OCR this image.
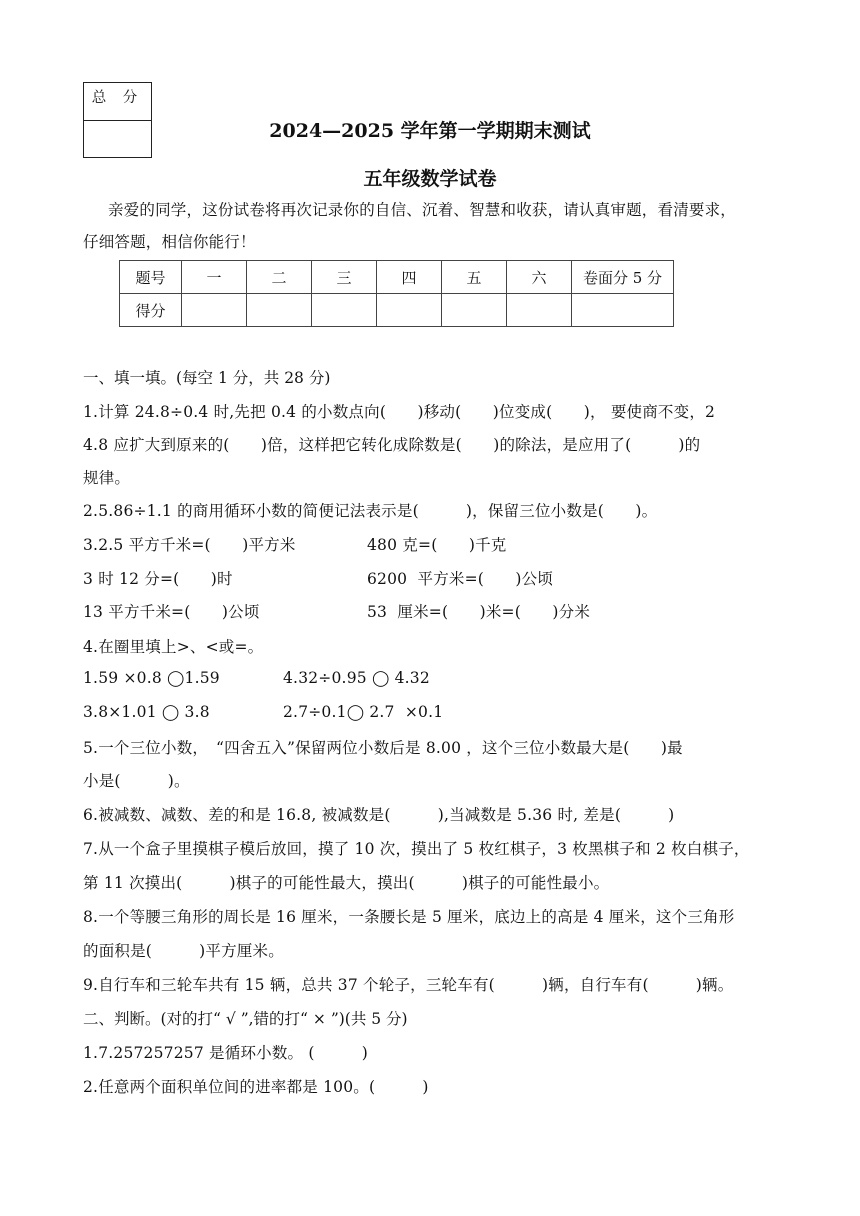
总 分
2024—2025 学年第一学期期末测试
五年级数学试卷
亲爱的同学，这份试卷将再次记录你的自信、沉着、智慧和收获，请认真审题，看清要求，
仔细答题，相信你能行！
题号	一	二	三	四	五	六	卷面分 5 分
得分							
一、填一填。(每空 1 分，共 28 分)
1.计算 24.8÷0.4 时,先把 0.4 的小数点向(　　)移动(　　)位变成(　　)， 要使商不变，2
4.8 应扩大到原来的(　　)倍，这样把它转化成除数是(　　)的除法，是应用了(　　　)的
规律。
2.5.86÷1.1 的商用循环小数的简便记法表示是(　　　)，保留三位小数是(　　)。
3.2.5 平方千米=(　　)平方米	480 克=(　　)千克
3 时 12 分=(　　)时	6200  平方米=(　　)公顷
13 平方千米=(　　)公顷	53  厘米=(　　)米=(　　)分米
4.在圈里填上>、<或=。
1.59 ×0.8 ◯1.59	4.32÷0.95 ◯ 4.32
3.8×1.01 ◯ 3.8	2.7÷0.1◯ 2.7  ×0.1
5.一个三位小数，　“四舍五入”保留两位小数后是 8.00 ，这个三位小数最大是(　　)最
小是(　　　)。
6.被减数、减数、差的和是 16.8, 被减数是(　　　),当减数是 5.36 时, 差是(　　　)
7.从一个盒子里摸棋子模后放回，摸了 10 次，摸出了 5 枚红棋子，3 枚黑棋子和 2 枚白棋子，
第 11 次摸出(　　　)棋子的可能性最大，摸出(　　　)棋子的可能性最小。
8.一个等腰三角形的周长是 16 厘米，一条腰长是 5 厘米，底边上的高是 4 厘米，这个三角形
的面积是(　　　)平方厘米。
9.自行车和三轮车共有 15 辆，总共 37 个轮子，三轮车有(　　　)辆，自行车有(　　　)辆。
二、判断。(对的打“ √ ”,错的打“ × ”)(共 5 分)
1.7.257257257 是循环小数。 (　　　)
2.任意两个面积单位间的进率都是 100。(　　　)
